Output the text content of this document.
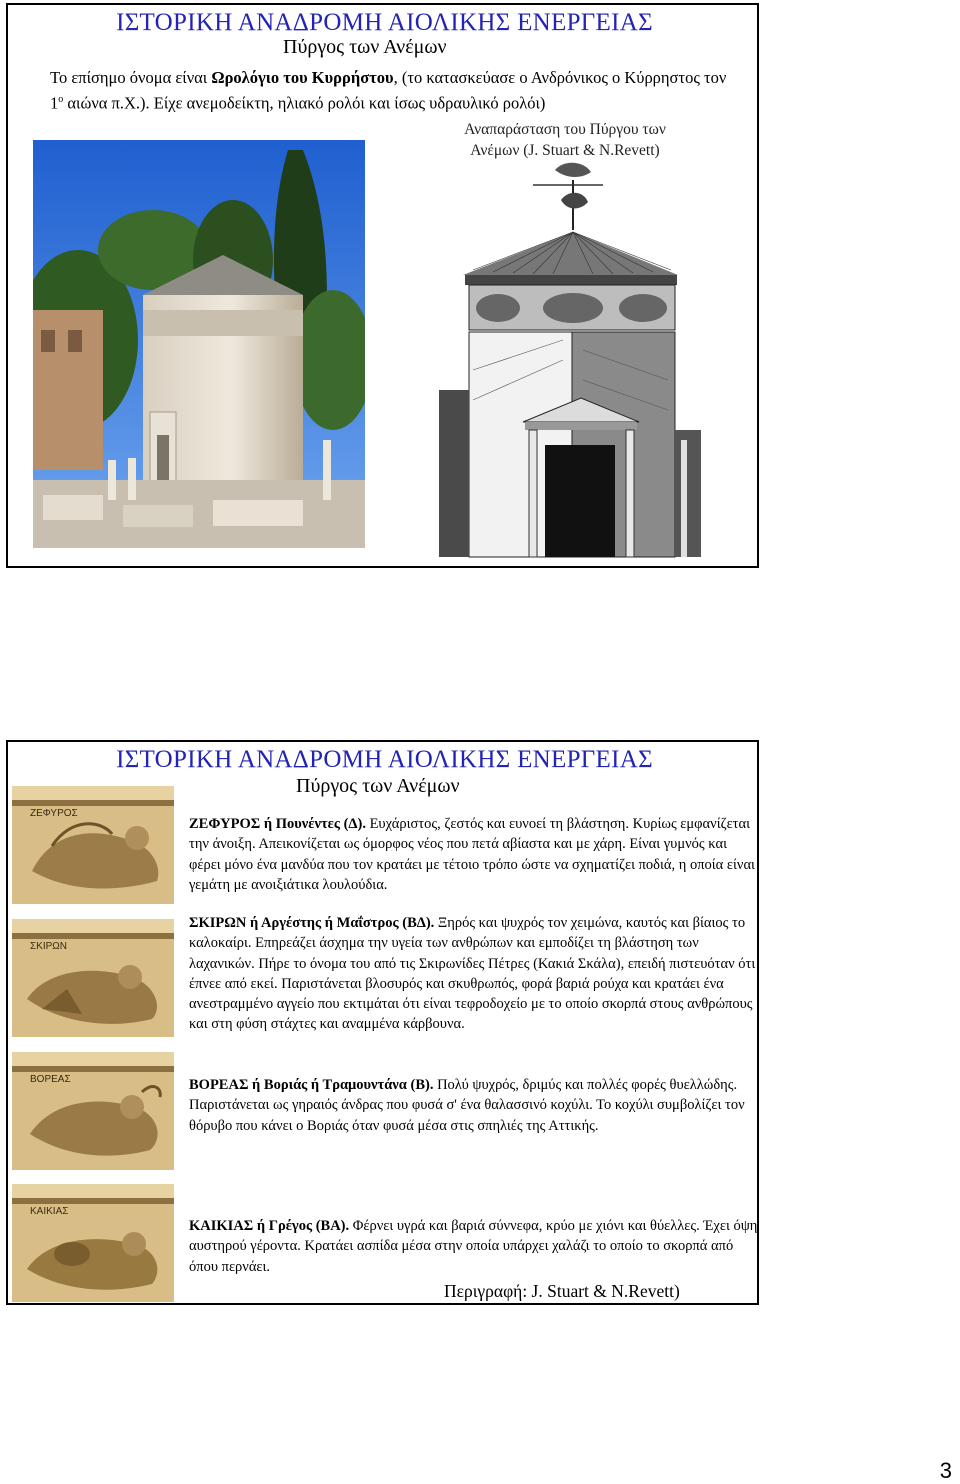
ΙΣΤΟΡΙΚΗ ΑΝΑΔΡΟΜΗ ΑΙΟΛΙΚΗΣ ΕΝΕΡΓΕΙΑΣ
Πύργος των Ανέμων
Το επίσημο όνομα είναι Ωρολόγιο του Κυρρήστου, (το κατασκεύασε ο Ανδρόνικος ο Κύρρηστος τον $1^o$ αιώνα π.Χ.). Είχε ανεμοδείκτη, ηλιακό ρολόι και ίσως υδραυλικό ρολόι)
Αναπαράσταση του Πύργου των Ανέμων (J. Stuart & N.Revett)
ΙΣΤΟΡΙΚΗ ΑΝΑΔΡΟΜΗ ΑΙΟΛΙΚΗΣ ΕΝΕΡΓΕΙΑΣ
Πύργος των Ανέμων
ΖΕΦΥΡΟΣ
ΣΚΙΡΩΝ
ΒΟΡΕΑΣ
ΚΑΙΚΙΑΣ
ΖΕΦΥΡΟΣ ή Πουνέντες (Δ). Ευχάριστος, ζεστός και ευνοεί τη βλάστηση. Κυρίως εμφανίζεται την άνοιξη. Απεικονίζεται ως όμορφος νέος που πετά αβίαστα και με χάρη. Είναι γυμνός και φέρει μόνο ένα μανδύα που τον κρατάει με τέτοιο τρόπο ώστε να σχηματίζει ποδιά, η οποία είναι γεμάτη με ανοιξιάτικα λουλούδια.
ΣΚΙΡΩΝ ή Αργέστης ή Μαΐστρος (ΒΔ). Ξηρός και ψυχρός τον χειμώνα, καυτός και βίαιος το καλοκαίρι. Επηρεάζει άσχημα την υγεία των ανθρώπων και εμποδίζει τη βλάστηση των λαχανικών. Πήρε το όνομα του από τις Σκιρωνίδες Πέτρες (Κακιά Σκάλα), επειδή πιστευόταν ότι έπνεε από εκεί. Παριστάνεται βλοσυρός και σκυθρωπός, φορά βαριά ρούχα και κρατάει ένα ανεστραμμένο αγγείο που εκτιμάται ότι είναι τεφροδοχείο με το οποίο σκορπά στους ανθρώπους και στη φύση στάχτες και αναμμένα κάρβουνα.
ΒΟΡΕΑΣ ή Βοριάς ή Τραμουντάνα (Β). Πολύ ψυχρός, δριμύς και πολλές φορές θυελλώδης. Παριστάνεται ως γηραιός άνδρας που φυσά σ' ένα θαλασσινό κοχύλι. Το κοχύλι συμβολίζει τον θόρυβο που κάνει ο Βοριάς όταν φυσά μέσα στις σπηλιές της Αττικής.
ΚΑΙΚΙΑΣ ή Γρέγος (ΒΑ). Φέρνει υγρά και βαριά σύννεφα, κρύο με χιόνι και θύελλες. Έχει όψη αυστηρού γέροντα. Κρατάει ασπίδα μέσα στην οποία υπάρχει χαλάζι το οποίο το σκορπά από όπου περνάει.
Περιγραφή: J. Stuart & N.Revett)
3
